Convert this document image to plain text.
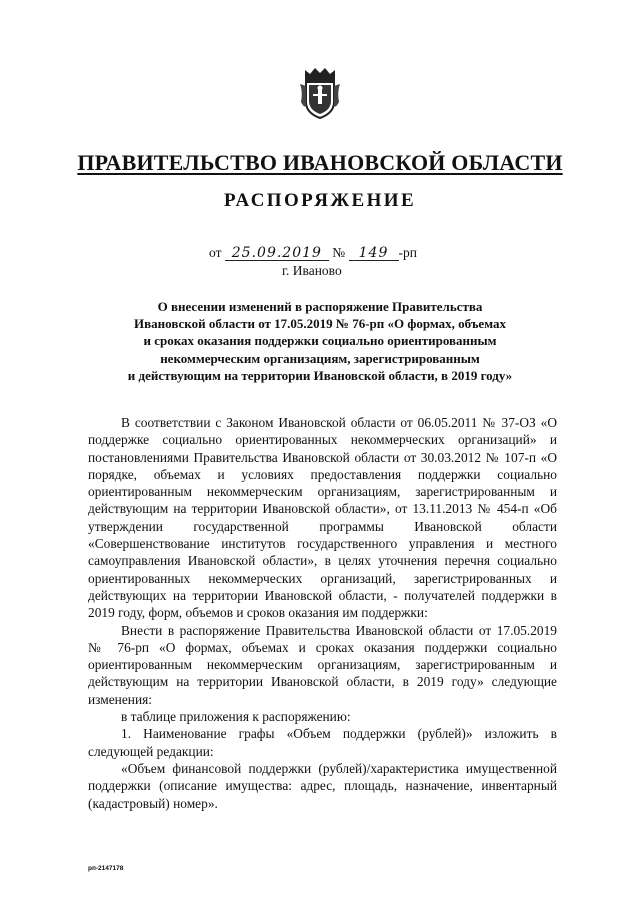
ПРАВИТЕЛЬСТВО ИВАНОВСКОЙ ОБЛАСТИ
РАСПОРЯЖЕНИЕ
от 25.09.2019 № 149 -рп
г. Иваново
О внесении изменений в распоряжение Правительства
Ивановской области от 17.05.2019 № 76-рп «О формах, объемах
и сроках оказания поддержки социально ориентированным
некоммерческим организациям, зарегистрированным
и действующим на территории Ивановской области, в 2019 году»

В соответствии с Законом Ивановской области от 06.05.2011 № 37-ОЗ «О поддержке социально ориентированных некоммерческих организаций» и постановлениями Правительства Ивановской области от 30.03.2012 № 107-п «О порядке, объемах и условиях предоставления поддержки социально ориентированным некоммерческим организациям, зарегистрированным и действующим на территории Ивановской области», от 13.11.2013 № 454-п «Об утверждении государственной программы Ивановской области «Совершенствование институтов государственного управления и местного самоуправления Ивановской области», в целях уточнения перечня социально ориентированных некоммерческих организаций, зарегистрированных и действующих на территории Ивановской области, - получателей поддержки в 2019 году, форм, объемов и сроков оказания им поддержки:

Внести в распоряжение Правительства Ивановской области от 17.05.2019 № 76-рп «О формах, объемах и сроках оказания поддержки социально ориентированным некоммерческим организациям, зарегистрированным и действующим на территории Ивановской области, в 2019 году» следующие изменения:

в таблице приложения к распоряжению:

1. Наименование графы «Объем поддержки (рублей)» изложить в следующей редакции:

«Объем финансовой поддержки (рублей)/характеристика имущественной поддержки (описание имущества: адрес, площадь, назначение, инвентарный (кадастровый) номер».

рп-2147178
